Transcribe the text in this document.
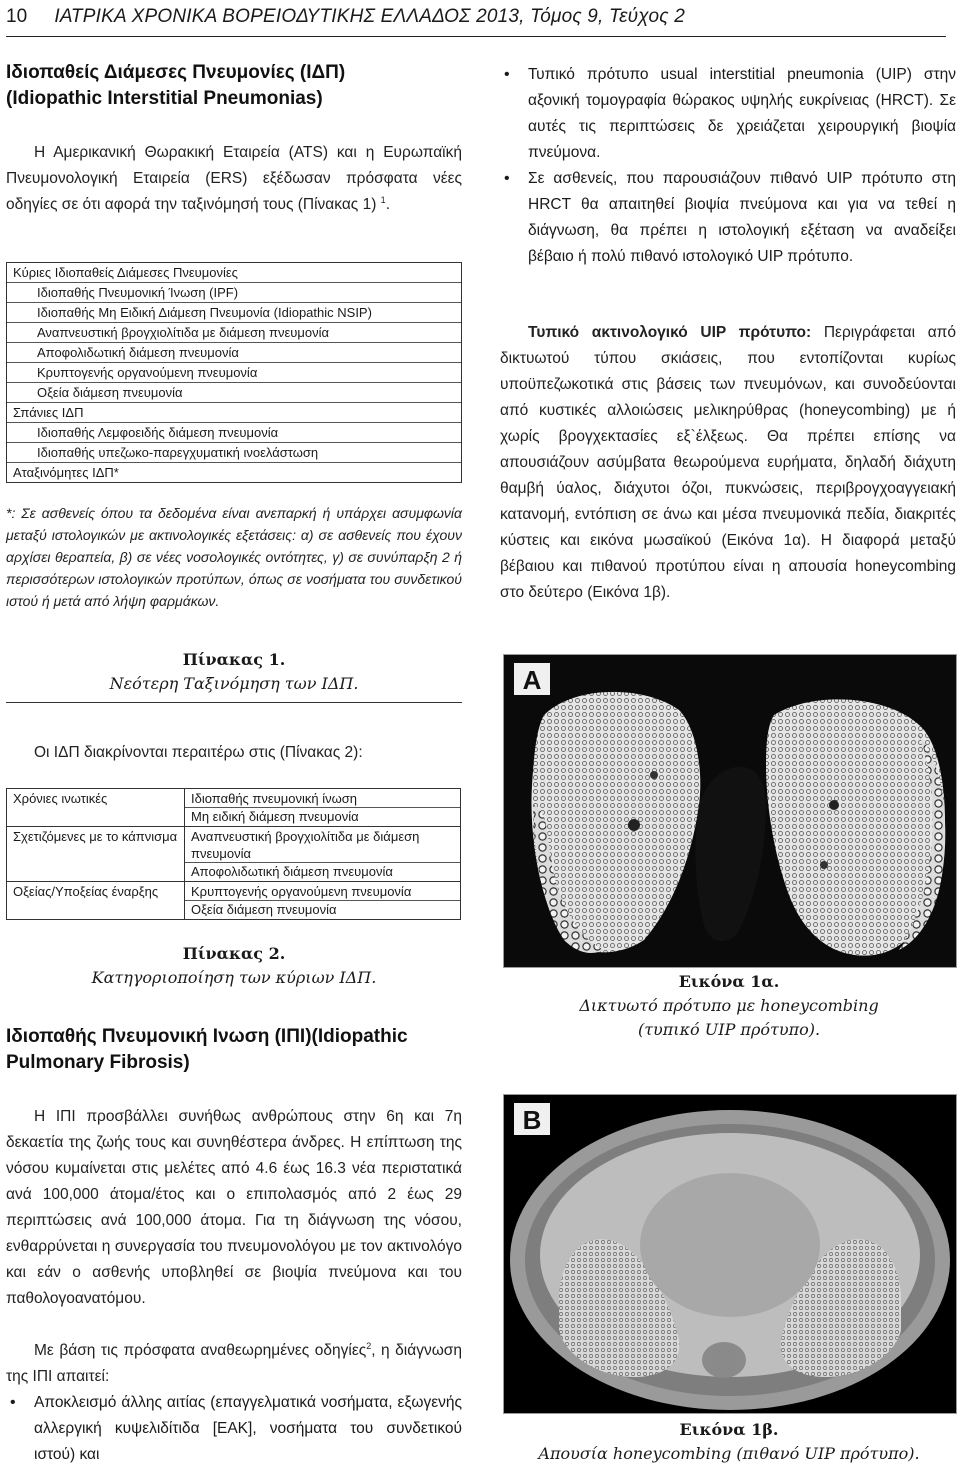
10 ΙΑΤΡΙΚΑ ΧΡΟΝΙΚΑ ΒΟΡΕΙΟΔΥΤΙΚΗΣ ΕΛΛΑΔΟΣ 2013, Τόμος 9, Τεύχος 2
Ιδιοπαθείς Διάμεσες Πνευμονίες (ΙΔΠ)
(Idiopathic Interstitial Pneumonias)

Η Αμερικανική Θωρακική Εταιρεία (ATS) και η Ευρωπαϊκή Πνευμονολογική Εταιρεία (ERS) εξέδωσαν πρόσφατα νέες οδηγίες σε ότι αφορά την ταξινόμησή τους (Πίνακας 1) $^1$.

Κύριες Ιδιοπαθείς Διάμεσες Πνευμονίες
Ιδιοπαθής Πνευμονική Ίνωση (IPF)
Ιδιοπαθής Μη Ειδική Διάμεση Πνευμονία (Idiopathic NSIP)
Αναπνευστική βρογχιολίτιδα με διάμεση πνευμονία
Αποφολιδωτική διάμεση πνευμονία
Κρυπτογενής οργανούμενη πνευμονία
Οξεία διάμεση πνευμονία
Σπάνιες ΙΔΠ
Ιδιοπαθής Λεμφοειδής διάμεση πνευμονία
Ιδιοπαθής υπεζωκο-παρεγχυματική ινοελάστωση
Αταξινόμητες ΙΔΠ*
*: Σε ασθενείς όπου τα δεδομένα είναι ανεπαρκή ή υπάρχει ασυμφωνία μεταξύ ιστολογικών με ακτινολογικές εξετάσεις: α) σε ασθενείς που έχουν αρχίσει θεραπεία, β) σε νέες νοσολογικές οντότητες, γ) σε συνύπαρξη 2 ή περισσότερων ιστολογικών προτύπων, όπως σε νοσήματα του συνδετικού ιστού ή μετά από λήψη φαρμάκων.
Πίνακας 1.
Νεότερη Ταξινόμηση των ΙΔΠ.

Οι ΙΔΠ διακρίνονται περαιτέρω στις (Πίνακας 2):

Χρόνιες ινωτικές	Ιδιοπαθής πνευμονική ίνωση
Μη ειδική διάμεση πνευμονία

Σχετιζόμενες με το κάπνισμα	Αναπνευστική βρογχιολίτιδα με διάμεση πνευμονία
Αποφολιδωτική διάμεση πνευμονία

Οξείας/Υποξείας έναρξης	Κρυπτογενής οργανούμενη πνευμονία
Οξεία διάμεση πνευμονία
Πίνακας 2.
Κατηγοριοποίηση των κύριων ΙΔΠ.
Ιδιοπαθής Πνευμονική Ινωση (ΙΠΙ)(Idiopathic
Pulmonary Fibrosis)

Η ΙΠΙ προσβάλλει συνήθως ανθρώπους στην 6η και 7η δεκαετία της ζωής τους και συνηθέστερα άνδρες. Η επίπτωση της νόσου κυμαίνεται στις μελέτες από 4.6 έως 16.3 νέα περιστατικά ανά 100,000 άτομα/έτος και ο επιπολασμός από 2 έως 29 περιπτώσεις ανά 100,000 άτομα. Για τη διάγνωση της νόσου, ενθαρρύνεται η συνεργασία του πνευμονολόγου με τον ακτινολόγο και εάν ο ασθενής υποβληθεί σε βιοψία πνεύμονα και του παθολογοανατόμου.

Με βάση τις πρόσφατα αναθεωρημένες οδηγίες$^2$, η διάγνωση της ΙΠΙ απαιτεί:

• Αποκλεισμό άλλης αιτίας (επαγγελματικά νοσήματα, εξωγενής αλλεργική κυψελιδίτιδα [ΕΑΚ], νοσήματα του συνδετικού ιστού) και
• Τυπικό πρότυπο usual interstitial pneumonia (UIP) στην αξονική τομογραφία θώρακος υψηλής ευκρίνειας (HRCT). Σε αυτές τις περιπτώσεις δε χρειάζεται χειρουργική βιοψία πνεύμονα.
• Σε ασθενείς, που παρουσιάζουν πιθανό UIP πρότυπο στη HRCT θα απαιτηθεί βιοψία πνεύμονα και για να τεθεί η διάγνωση, θα πρέπει η ιστολογική εξέταση να αναδείξει βέβαιο ή πολύ πιθανό ιστολογικό UIP πρότυπο.

Τυπικό ακτινολογικό UIP πρότυπο: Περιγράφεται από δικτυωτού τύπου σκιάσεις, που εντοπίζονται κυρίως υποϋπεζωκοτικά στις βάσεις των πνευμόνων, και συνοδεύονται από κυστικές αλλοιώσεις μελικηρύθρας (honeycombing) με ή χωρίς βρογχεκτασίες εξ`έλξεως. Θα πρέπει επίσης να απουσιάζουν ασύμβατα θεωρούμενα ευρήματα, δηλαδή διάχυτη θαμβή ύαλος, διάχυτοι όζοι, πυκνώσεις, περιβρογχοαγγειακή κατανομή, εντόπιση σε άνω και μέσα πνευμονικά πεδία, διακριτές κύστεις και εικόνα μωσαϊκού (Εικόνα 1α). Η διαφορά μεταξύ βέβαιου και πιθανού προτύπου είναι η απουσία honeycombing στο δεύτερο (Εικόνα 1β).

A
Εικόνα 1α.
Δικτυωτό πρότυπο με honeycombing
(τυπικό UIP πρότυπο).
B
Εικόνα 1β.
Απουσία honeycombing (πιθανό UIP πρότυπο).
